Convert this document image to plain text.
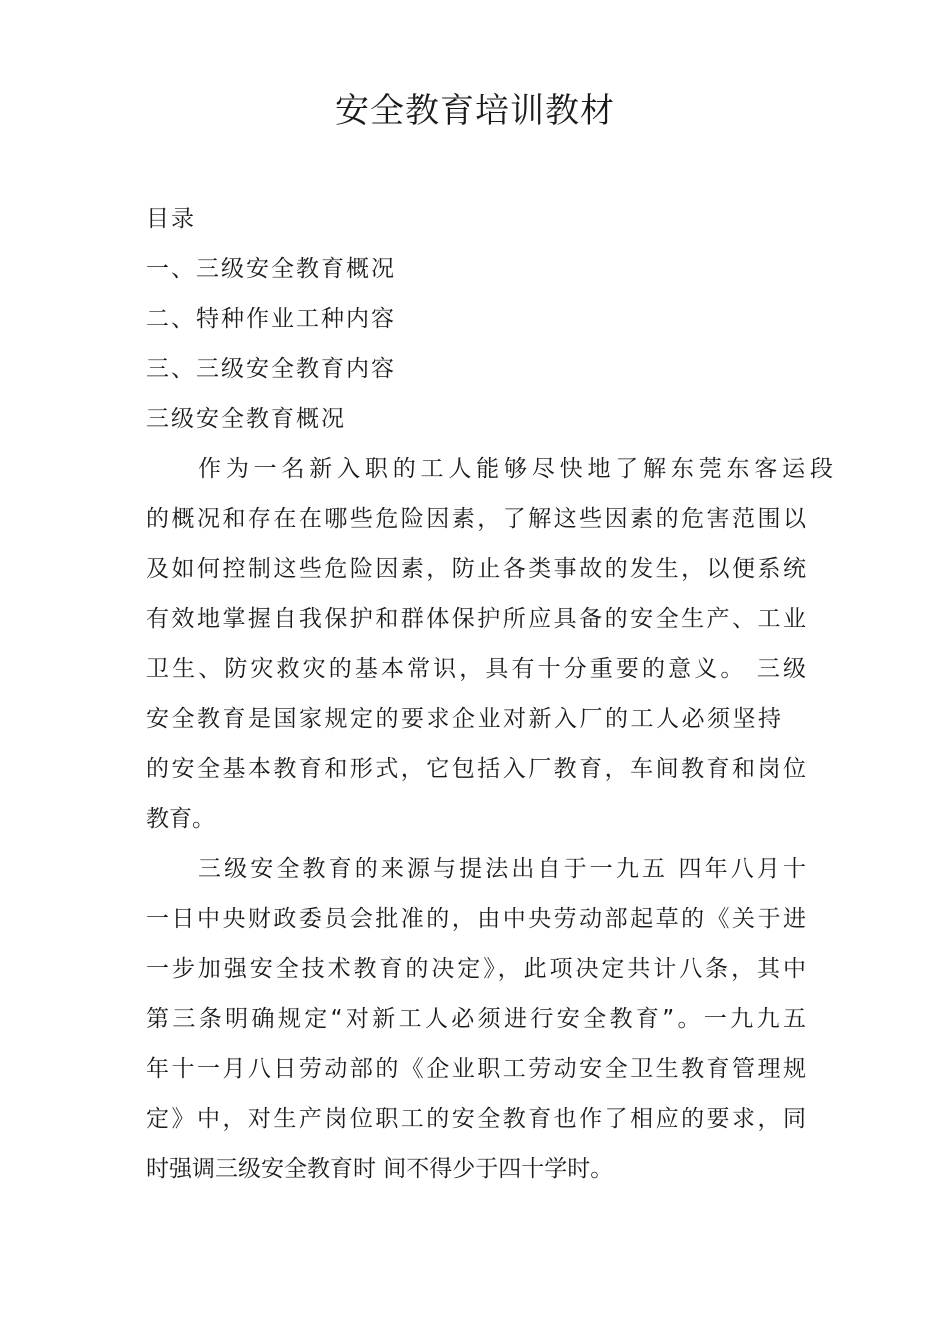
安全教育培训教材
目录
一、三级安全教育概况
二、特种作业工种内容
三、三级安全教育内容
三级安全教育概况
作为一名新入职的工人能够尽快地了解东莞东客运段
的概况和存在在哪些危险因素，了解这些因素的危害范围以
及如何控制这些危险因素，防止各类事故的发生，以便系统
有效地掌握自我保护和群体保护所应具备的安全生产、工业
卫生、防灾救灾的基本常识，具有十分重要的意义。 三级
安全教育是国家规定的要求企业对新入厂的工人必须坚持
的安全基本教育和形式，它包括入厂教育，车间教育和岗位
教育。
三级安全教育的来源与提法出自于一九五 四年八月十
一日中央财政委员会批准的，由中央劳动部起草的《关于进
一步加强安全技术教育的决定》，此项决定共计八条，其中
第三条明确规定“对新工人必须进行安全教育”。一九九五
年十一月八日劳动部的《企业职工劳动安全卫生教育管理规
定》中，对生产岗位职工的安全教育也作了相应的要求，同
时强调三级安全教育时 间不得少于四十学时。
